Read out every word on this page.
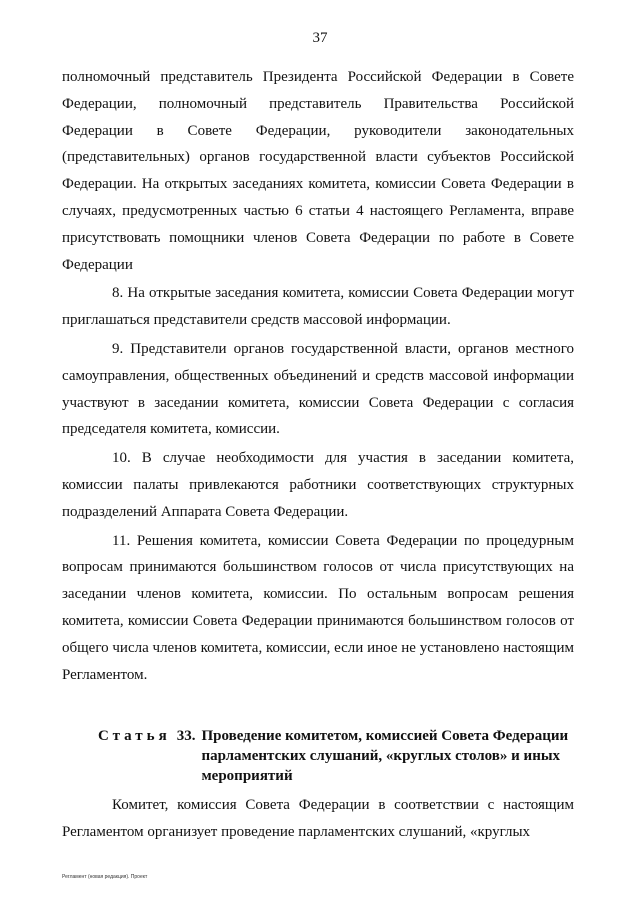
37

полномочный представитель Президента Российской Федерации в Совете Федерации, полномочный представитель Правительства Российской Федерации в Совете Федерации, руководители законодательных (представительных) органов государственной власти субъектов Российской Федерации. На открытых заседаниях комитета, комиссии Совета Федерации в случаях, предусмотренных частью 6 статьи 4 настоящего Регламента, вправе присутствовать помощники членов Совета Федерации по работе в Совете Федерации

8. На открытые заседания комитета, комиссии Совета Федерации могут приглашаться представители средств массовой информации.

9. Представители органов государственной власти, органов местного самоуправления, общественных объединений и средств массовой информации участвуют в заседании комитета, комиссии Совета Федерации с согласия председателя комитета, комиссии.

10. В случае необходимости для участия в заседании комитета, комиссии палаты привлекаются работники соответствующих структурных подразделений Аппарата Совета Федерации.

11. Решения комитета, комиссии Совета Федерации по процедурным вопросам принимаются большинством голосов от числа присутствующих на заседании членов комитета, комиссии. По остальным вопросам решения комитета, комиссии Совета Федерации принимаются большинством голосов от общего числа членов комитета, комиссии, если иное не установлено настоящим Регламентом.

Статья 33. Проведение комитетом, комиссией Совета Федерации парламентских слушаний, «круглых столов» и иных мероприятий

Комитет, комиссия Совета Федерации в соответствии с настоящим Регламентом организует проведение парламентских слушаний, «круглых

Регламент (новая редакция). Проект
